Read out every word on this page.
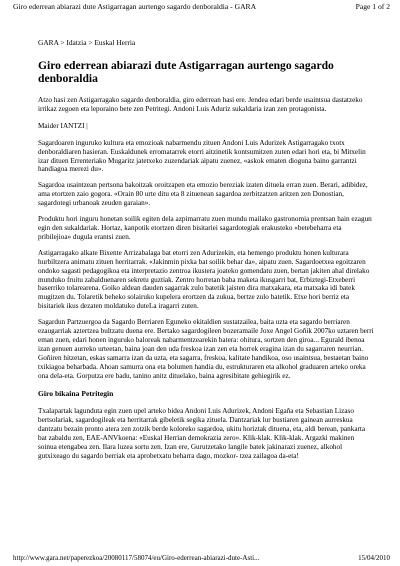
Giro ederrean abiarazi dute Astigarragan aurtengo sagardo denboraldia - GARA	Page 1 of 2
GARA > Idatzia > Euskal Herria
Giro ederrean abiarazi dute Astigarragan aurtengo sagardo denboraldia

Atzo hasi zen Astigarragako sagardo denboraldia, giro ederrean hasi ere. Jendea edari berde usaintsua dastatzeko irrikaz zegoen eta leporaino bete zen Petritegi. Andoni Luis Aduriz sukaldaria izan zen protagonista.

Maider IANTZI |

Sagardoaren inguruko kultura eta emozioak nabarmendu zituen Andoni Luis Adurizek Astigarragako txotx denboraldiaren hasieran. Euskaldunek erromatarrek etorri aitzinetik kontsumitzen zuten edari hori eta, bi Mitxelin izar dituen Errenteriako Mugaritz jatetxeko zuzendariak aipatu zuenez, «askok ematen dioguna baino garrantzi handiagoa merezi du».

Sagardoa usaintzean pertsona bakoitzak oroitzapen eta emozio bereziak izaten dituela erran zuen. Berari, adibidez, ama etortzen zaio gogora. «Orain 80 urte ditu eta 8 zituenean sagardoa zerbitzatzen aritzen zen Donostian, sagardotegi urbanoak zeuden garaian».

Produktu hori inguru honetan soilik egiten dela azpimarratu zuen mundu mailako gastronomia prentsan hain ezagun egin den sukaldariak. Hortaz, kanpotik etortzen diren bisitariei sagardotegiak erakusteko «betebeharra eta pribilejioa» dugula erantsi zuen.

Astigarragako alkate Bixente Arrizabalaga bat etorri zen Adurizekin, eta hemengo produktu honen kulturara hurbiltzera animatu zituen herritarrak. «Jakinmin pixka bat soilik behar da», aipatu zuen. Sagardoetxea egoitzaren ondoko sagasti pedagogikoa eta interpretazio zentroa ikustera joateko gomendatu zuen, bertan jakiten ahal direlako munduko fruitu zabalduenaren sekretu guztiak. Zentro horretan baba maketa ikusgarri bat, Erbiztegi-Etxeberri baserriko tolarearena. Goiko aldean dauden sagarrak zulo batetik jaisten dira matxakara, eta matxaka idi batek mugitzen du. Tolaretik beheko solairuko kupelera erortzen da zukua, bertze zulo batetik. Etxe hori berriz eta bisitariek ikus dezaten moldatuko duteLa iragarri zuten.

Sagardun Partzuergoa da Sagardo Berriaren Eguneko ekitaldien sustatzailea, baita uzta eta sagardo berriaren ezaugarriak aztertzea bultzatu duena ere. Bertako sagardogileen bozeramaile Joxe Angel Goñik 2007ko uztaren berri eman zuen, edari honen inguruko baloreak nabarmentzearekin batera: ohitura, sortzen den giroa... Egurald ibenoa izan genuen aurreko urteetan, baina joan den uda freskoa izan zen eta horrek eragina izan du sagarraren neurrian. Goñiren hitzetan, eskas samarra izan da uzta, eta sagarra, freskoa, kalitate handikoa, oso usaintsua, bestaetan baino txikiagoa beharbada. Ahoan samurra ona eta bolumen handia du, estrukturaren eta alkohol graduaren arteko oreka ona dela-eta. Gorputza ere badu, tanino anitz dituelako, baina agresibitate gehiegirik ez.

Giro bikaina Petritegin

Txalapartak lagunduta egin zuen upel arteko bidea Andoni Luis Adurizek, Andoni Egaña eta Sebastian Lizaso bertsolariak, sagardogileak eta herritarrak gibeletik segika zituela. Dantzariak lur bustiaren gainean aurreskua dantzatu bezain pronto atera zen zotzik berde koloreko sagardoa, ukitu horiztak dituena, eta, aldi berean, pankarta bat zabaldu zen, EAE-ANVkoena: «Euskal Herrian demokrazia zero». Klik-klak. Klik-klak. Argazki makinen soinua etengabea zen. Ilara luzea sortu zen. Izan ere, Gurutzetako langile batek jakinarazi zuenez, alkohol gutxixeago du sagardo berriak eta aprobetxatu beharra dago, mozkor- tzea zailagoa da-eta!

http://www.gara.net/paperezkoa/20080117/58074/eu/Giro-ederrean-abiarazi-dute-Asti...	15/04/2010
